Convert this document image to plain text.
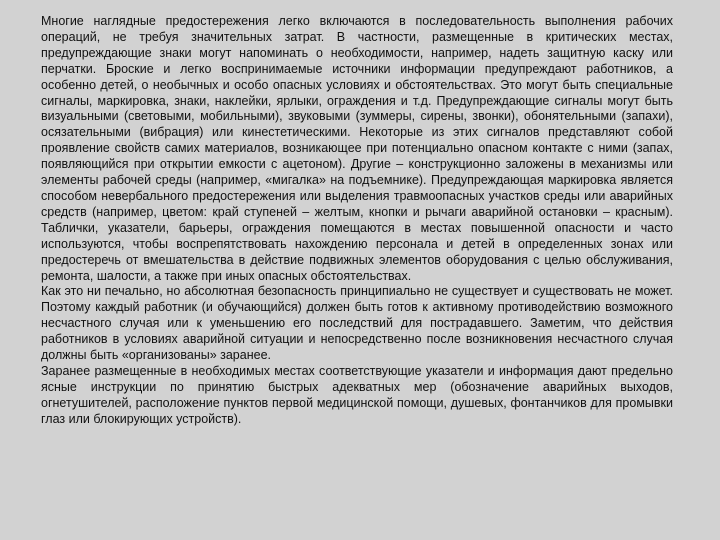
Многие наглядные предостережения легко включаются в последовательность выполнения рабочих операций, не требуя значительных затрат. В частности, размещенные в критических местах, предупреждающие знаки могут напоминать о необходимости, например, надеть защитную каску или перчатки. Броские и легко воспринимаемые источники информации предупреждают работников, а особенно детей, о необычных и особо опасных условиях и обстоятельствах. Это могут быть специальные сигналы, маркировка, знаки, наклейки, ярлыки, ограждения и т.д. Предупреждающие сигналы могут быть визуальными (световыми, мобильными), звуковыми (зуммеры, сирены, звонки), обонятельными (запахи), осязательными (вибрация) или кинестетическими. Некоторые из этих сигналов представляют собой проявление свойств самих материалов, возникающее при потенциально опасном контакте с ними (запах, появляющийся при открытии емкости с ацетоном). Другие – конструкционно заложены в механизмы или элементы рабочей среды (например, «мигалка» на подъемнике). Предупреждающая маркировка является способом невербального предостережения или выделения травмоопасных участков среды или аварийных средств (например, цветом: край ступеней – желтым, кнопки и рычаги аварийной остановки – красным). Таблички, указатели, барьеры, ограждения помещаются в местах повышенной опасности и часто используются, чтобы воспрепятствовать нахождению персонала и детей в определенных зонах или предостеречь от вмешательства в действие подвижных элементов оборудования с целью обслуживания, ремонта, шалости, а также при иных опасных обстоятельствах.

Как это ни печально, но абсолютная безопасность принципиально не существует и существовать не может. Поэтому каждый работник (и обучающийся) должен быть готов к активному противодействию возможного несчастного случая или к уменьшению его последствий для пострадавшего. Заметим, что действия работников в условиях аварийной ситуации и непосредственно после возникновения несчастного случая должны быть «организованы» заранее.

Заранее размещенные в необходимых местах соответствующие указатели и информация дают предельно ясные инструкции по принятию быстрых адекватных мер (обозначение аварийных выходов, огнетушителей, расположение пунктов первой медицинской помощи, душевых, фонтанчиков для промывки глаз или блокирующих устройств).
